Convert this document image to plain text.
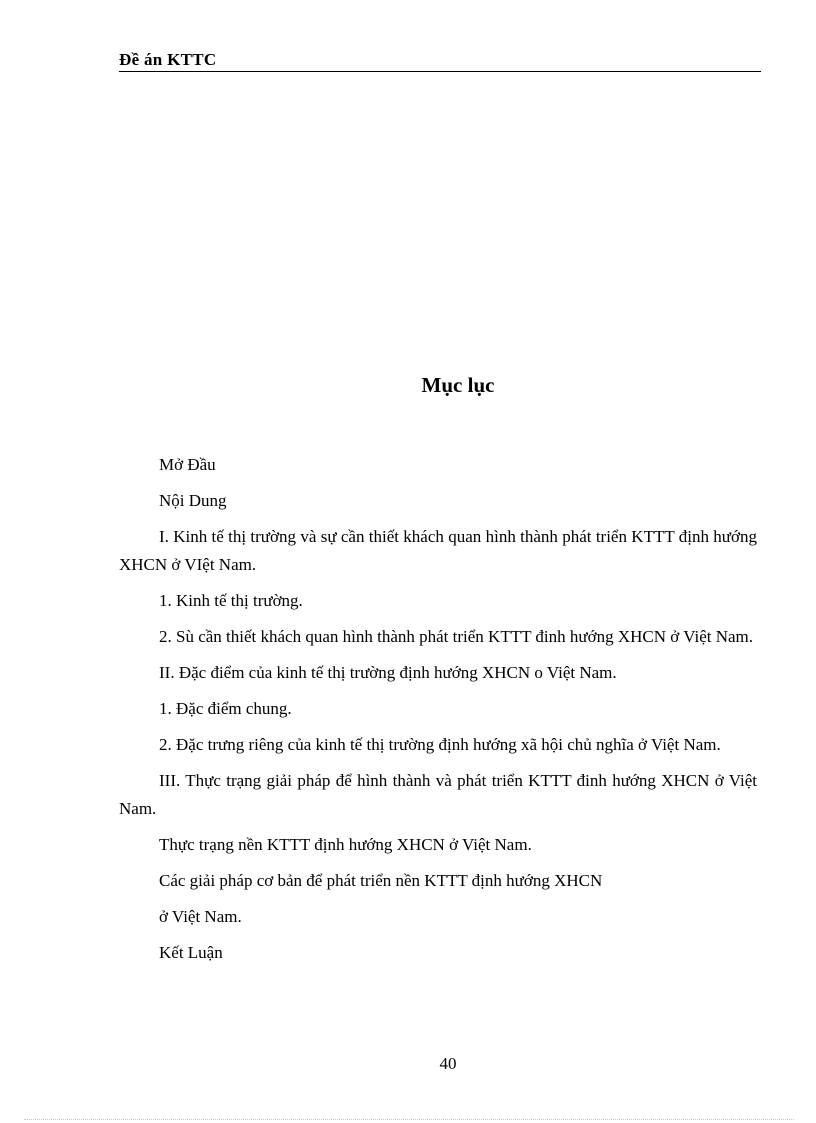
Đề án KTTC
Mục lục

Mở Đầu

Nội Dung

I. Kinh tế thị trường và sự cần thiết khách quan hình thành phát triển KTTT định hướng XHCN ở VIệt Nam.

1. Kinh tế thị trường.

2. Sù cần thiết khách quan hình thành phát triển KTTT đinh hướng XHCN ở Việt Nam.

II. Đặc điểm của kinh tế thị trường định hướng XHCN o Việt Nam.

1. Đặc điểm chung.

2. Đặc trưng riêng của kinh tế thị trường định hướng xã hội chủ nghĩa ở Việt Nam.

III. Thực trạng giải pháp để hình thành và phát triển KTTT đinh hướng XHCN ở Việt Nam.

Thực trạng nền KTTT định hướng XHCN ở Việt Nam.

Các giải pháp cơ bản để phát triển nền KTTT định hướng XHCN

ở Việt Nam.

Kết Luận

40
